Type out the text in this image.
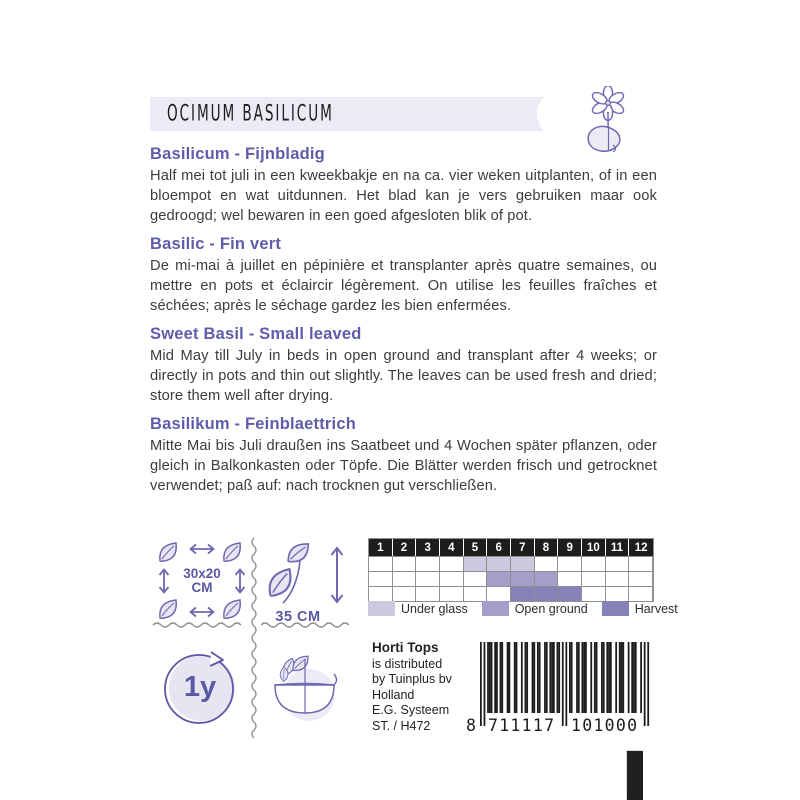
OCIMUM BASILICUM
Basilicum - Fijnbladig

Half mei tot juli in een kweekbakje en na ca. vier weken uitplanten, of in een bloempot en wat uitdunnen. Het blad kan je vers gebruiken maar ook gedroogd; wel bewaren in een goed afgesloten blik of pot.

Basilic - Fin vert

De mi-mai à juillet en pépinière et transplanter après quatre semaines, ou mettre en pots et éclaircir légèrement. On utilise les feuilles fraîches et séchées; après le séchage gardez les bien enfermées.

Sweet Basil - Small leaved

Mid May till July in beds in open ground and transplant after 4 weeks; or directly in pots and thin out slightly. The leaves can be used fresh and dried; store them well after drying.

Basilikum - Feinblaettrich

Mitte Mai bis Juli draußen ins Saatbeet und 4 Wochen später pflanzen, oder gleich in Balkonkasten oder Töpfe. Die Blätter werden frisch und getrocknet verwendet; paß auf: nach trocknen gut verschließen.

30x20
CM
35 CM
1y
1	2	3	4	5	6	7	8	9	10 11	12
Under glass	Open ground	Harvest
Horti Tops
is distributed
by Tuinplus bv
Holland
E.G. Systeem
ST. / H472	8 711117 101000
